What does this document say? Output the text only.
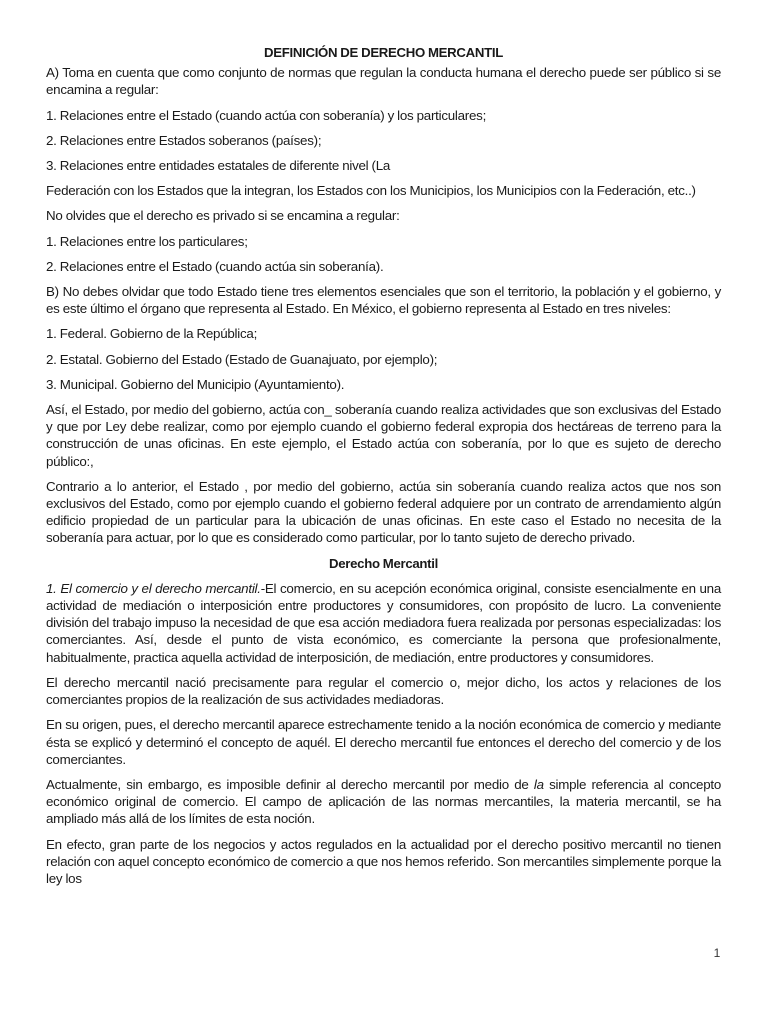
DEFINICIÓN DE DERECHO MERCANTIL

A) Toma en cuenta que como conjunto de normas que regulan la conducta humana el derecho puede ser público si se encamina a regular:

1. Relaciones entre el Estado (cuando actúa con soberanía) y los particulares;

2. Relaciones entre Estados soberanos (países);

3. Relaciones entre entidades estatales de diferente nivel (La

Federación con los Estados que la integran, los Estados con los Municipios, los Municipios con la Federación, etc..)

No olvides que el derecho es privado si se encamina a regular:

1. Relaciones entre los particulares;

2. Relaciones entre el Estado (cuando actúa sin soberanía).

B) No debes olvidar que todo Estado tiene tres elementos esenciales que son el territorio, la población y el gobierno, y es este último el órgano que representa al Estado. En México, el gobierno representa al Estado en tres niveles:

1. Federal. Gobierno de la República;

2. Estatal. Gobierno del Estado (Estado de Guanajuato, por ejemplo);

3. Municipal. Gobierno del Municipio (Ayuntamiento).

Así, el Estado, por medio del gobierno, actúa con_ soberanía cuando realiza actividades que son exclusivas del Estado y que por Ley debe realizar, como por ejemplo cuando el gobierno federal expropia dos hectáreas de terreno para la construcción de unas oficinas. En este ejemplo, el Estado actúa con soberanía, por lo que es sujeto de derecho público:,

Contrario a lo anterior, el Estado , por medio del gobierno, actúa sin soberanía cuando realiza actos que nos son exclusivos del Estado, como por ejemplo cuando el gobierno federal adquiere por un contrato de arrendamiento algún edificio propiedad de un particular para la ubicación de unas oficinas. En este caso el Estado no necesita de la soberanía para actuar, por lo que es considerado como particular, por lo tanto sujeto de derecho privado.

Derecho Mercantil

1. El comercio y el derecho mercantil.-El comercio, en su acepción económica original, consiste esencialmente en una actividad de mediación o interposición entre productores y consumidores, con propósito de lucro. La conveniente división del trabajo impuso la necesidad de que esa acción mediadora fuera realizada por personas especializadas: los comerciantes. Así, desde el punto de vista económico, es comerciante la persona que profesionalmente, habitualmente, practica aquella actividad de interposición, de mediación, entre productores y consumidores.

El derecho mercantil nació precisamente para regular el comercio o, mejor dicho, los actos y relaciones de los comerciantes propios de la realización de sus actividades mediadoras.

En su origen, pues, el derecho mercantil aparece estrechamente tenido a la noción económica de comercio y mediante ésta se explicó y determinó el concepto de aquél. El derecho mercantil fue entonces el derecho del comercio y de los comerciantes.

Actualmente, sin embargo, es imposible definir al derecho mercantil por medio de la simple referencia al concepto económico original de comercio. El campo de aplicación de las normas mercantiles, la materia mercantil, se ha ampliado más allá de los límites de esta noción.

En efecto, gran parte de los negocios y actos regulados en la actualidad por el derecho positivo mercantil no tienen relación con aquel concepto económico de comercio a que nos hemos referido. Son mercantiles simplemente porque la ley los

1
